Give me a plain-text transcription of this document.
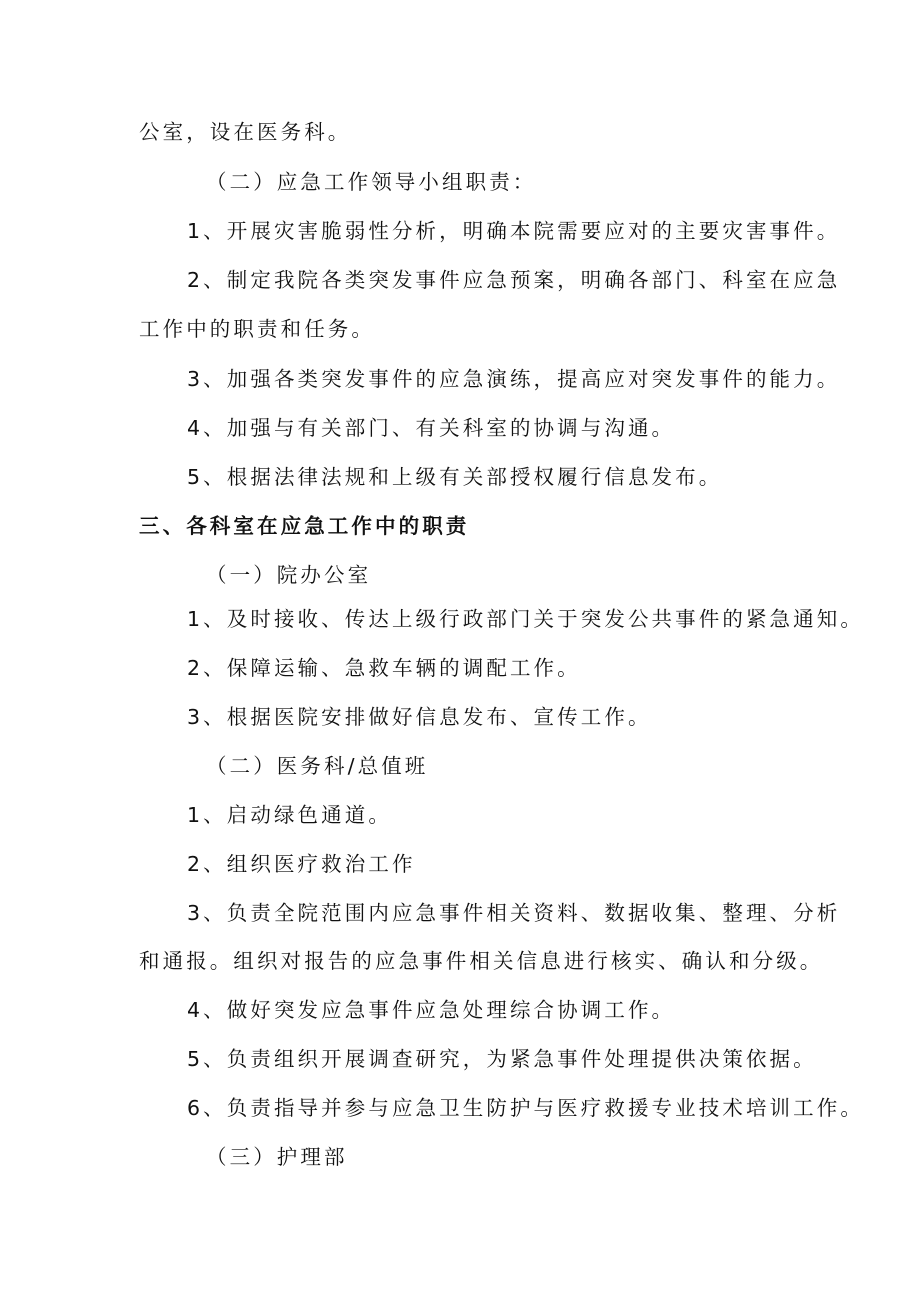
公室，设在医务科。
（二）应急工作领导小组职责：
1、开展灾害脆弱性分析，明确本院需要应对的主要灾害事件。
2、制定我院各类突发事件应急预案，明确各部门、科室在应急
工作中的职责和任务。
3、加强各类突发事件的应急演练，提高应对突发事件的能力。
4、加强与有关部门、有关科室的协调与沟通。
5、根据法律法规和上级有关部授权履行信息发布。
三、各科室在应急工作中的职责
（一）院办公室
1、及时接收、传达上级行政部门关于突发公共事件的紧急通知。
2、保障运输、急救车辆的调配工作。
3、根据医院安排做好信息发布、宣传工作。
（二）医务科/总值班
1、启动绿色通道。
2、组织医疗救治工作
3、负责全院范围内应急事件相关资料、数据收集、整理、分析
和通报。组织对报告的应急事件相关信息进行核实、确认和分级。
4、做好突发应急事件应急处理综合协调工作。
5、负责组织开展调查研究，为紧急事件处理提供决策依据。
6、负责指导并参与应急卫生防护与医疗救援专业技术培训工作。
（三）护理部
